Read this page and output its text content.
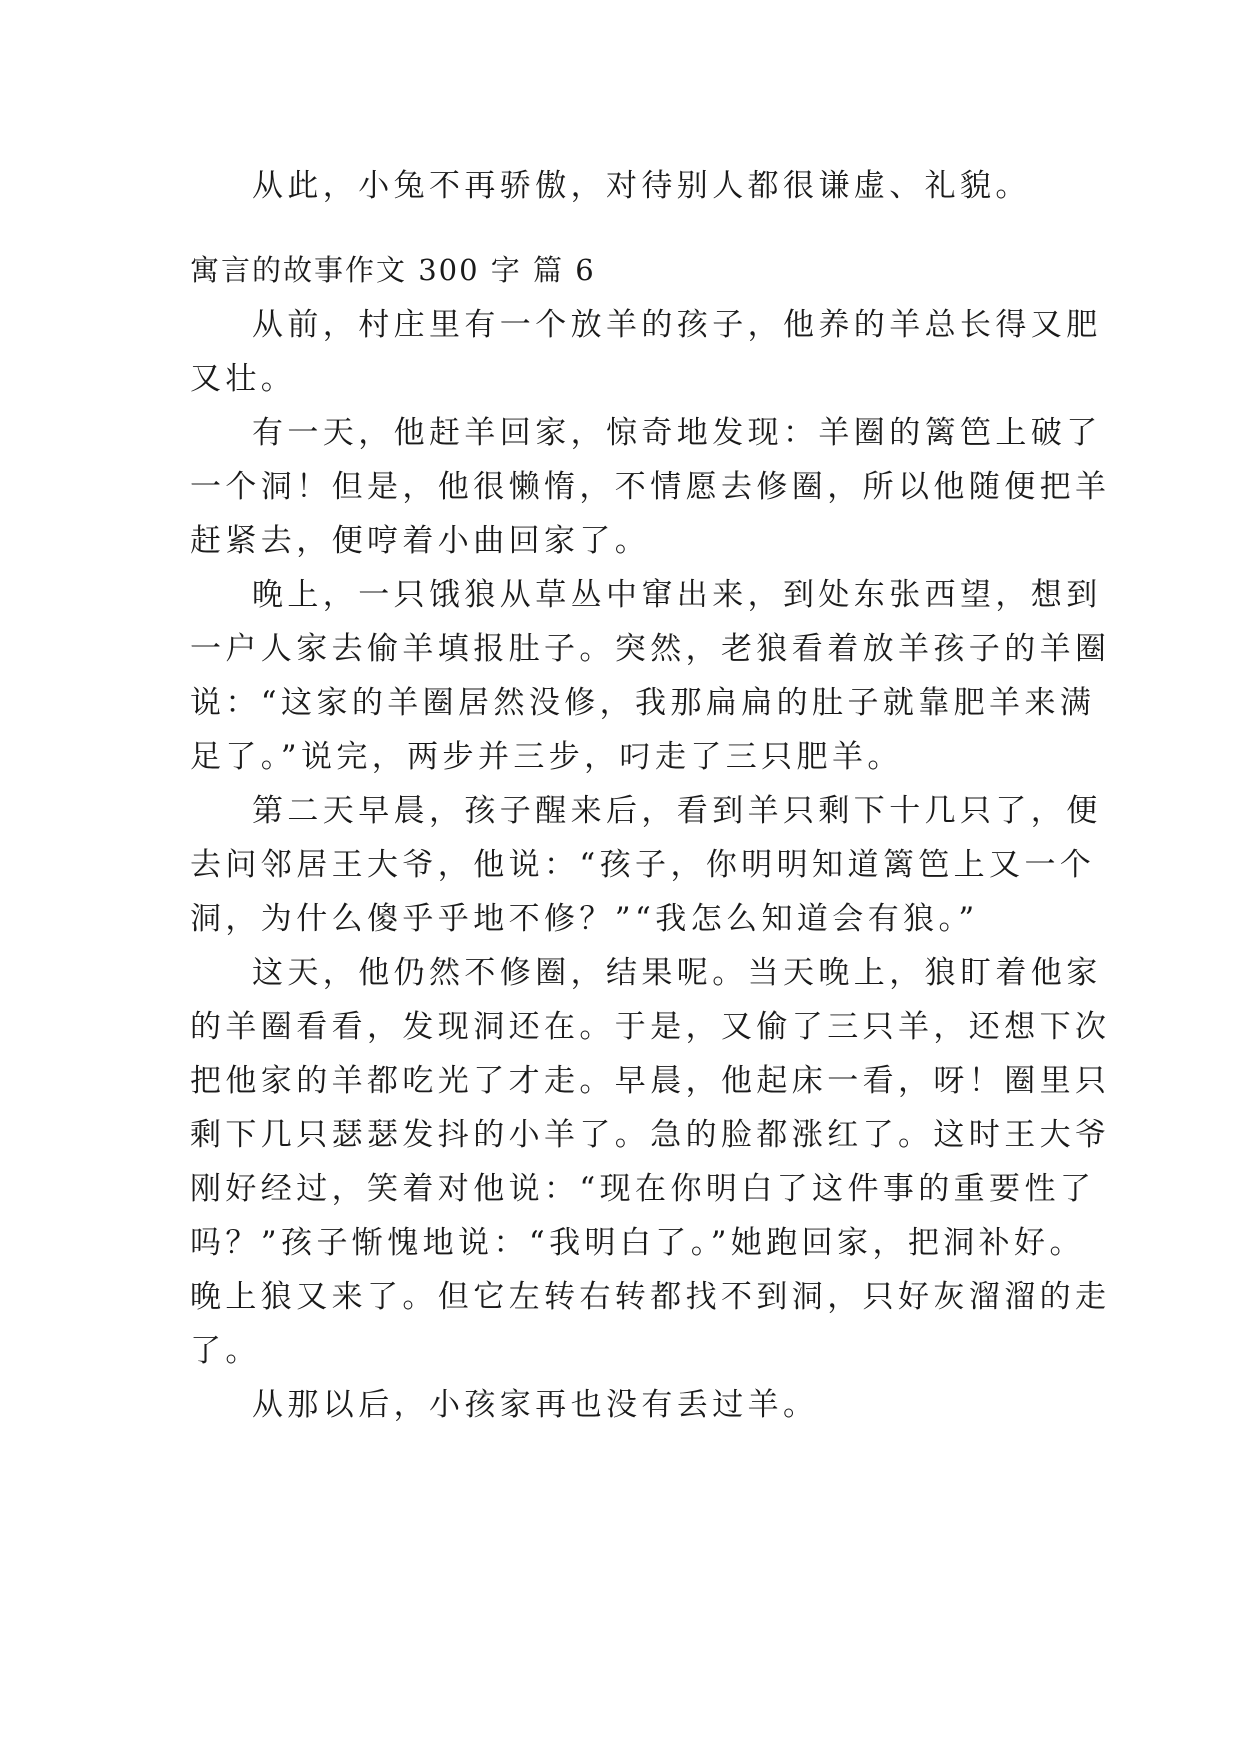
从此，小兔不再骄傲，对待别人都很谦虚、礼貌。
寓言的故事作文 300 字 篇 6
从前，村庄里有一个放羊的孩子，他养的羊总长得又肥
又壮。
有一天，他赶羊回家，惊奇地发现：羊圈的篱笆上破了
一个洞！但是，他很懒惰，不情愿去修圈，所以他随便把羊
赶紧去，便哼着小曲回家了。
晚上，一只饿狼从草丛中窜出来，到处东张西望，想到
一户人家去偷羊填报肚子。突然，老狼看着放羊孩子的羊圈
说：“这家的羊圈居然没修，我那扁扁的肚子就靠肥羊来满
足了。”说完，两步并三步，叼走了三只肥羊。
第二天早晨，孩子醒来后，看到羊只剩下十几只了，便
去问邻居王大爷，他说：“孩子，你明明知道篱笆上又一个
洞，为什么傻乎乎地不修？”“我怎么知道会有狼。”
这天，他仍然不修圈，结果呢。当天晚上，狼盯着他家
的羊圈看看，发现洞还在。于是，又偷了三只羊，还想下次
把他家的羊都吃光了才走。早晨，他起床一看，呀！圈里只
剩下几只瑟瑟发抖的小羊了。急的脸都涨红了。这时王大爷
刚好经过，笑着对他说：“现在你明白了这件事的重要性了
吗？”孩子惭愧地说：“我明白了。”她跑回家，把洞补好。
晚上狼又来了。但它左转右转都找不到洞，只好灰溜溜的走
了。
从那以后，小孩家再也没有丢过羊。
